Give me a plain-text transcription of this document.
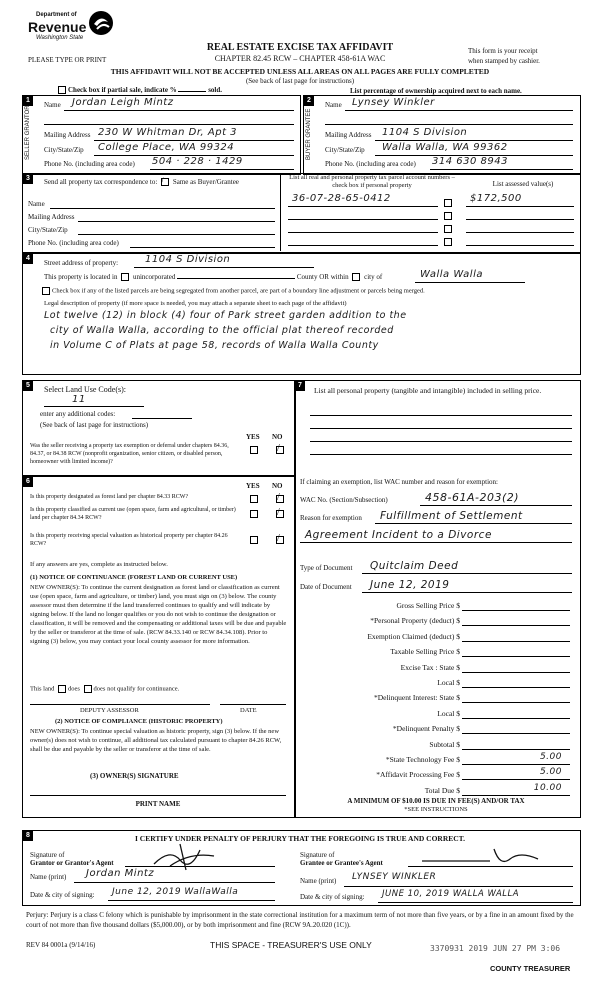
Department of
Revenue
Washington State
REAL ESTATE EXCISE TAX AFFIDAVIT
CHAPTER 82.45 RCW – CHAPTER 458-61A WAC
PLEASE TYPE OR PRINT
This form is your receipt
when stamped by cashier.
THIS AFFIDAVIT WILL NOT BE ACCEPTED UNLESS ALL AREAS ON ALL PAGES ARE FULLY COMPLETED
(See back of last page for instructions)
Check box if partial sale, indicate %	sold.	List percentage of ownership acquired next to each name.
1
SELLER GRANTOR
Name Jordan Leigh Mintz
Mailing Address 230 W Whitman Dr, Apt 3
City/State/Zip College Place, WA 99324
Phone No. (including area code) 504 · 228 · 1429
2
BUYER GRANTEE
Name Lynsey Winkler
Mailing Address 1104 S Division
City/State/Zip Walla Walla, WA 99362
Phone No. (including area code) 314 630 8943
3	Send all property tax correspondence to: / Same as Buyer/Grantee
Name
Mailing Address
City/State/Zip
Phone No. (including area code)
List all real and personal property tax parcel account numbers – check box if personal property	List assessed value(s)
36-07-28-65-0412	$172,500
4
Street address of property:	1104 S Division
This property is located in unincorporated	County OR within city of	Walla Walla
Check box if any of the listed parcels are being segregated from another parcel, are part of a boundary line adjustment or parcels being merged.
Legal description of property (if more space is needed, you may attach a separate sheet to each page of the affidavit)
Lot twelve (12) in block (4) four of Park street garden addition to the
city of Walla Walla, according to the official plat thereof recorded
in Volume C of Plats at page 58, records of Walla Walla County
5	Select Land Use Code(s):
11
enter any additional codes:
(See back of last page for instructions)
YES NO
Was the seller receiving a property tax exemption or deferral under chapters 84.36, 84.37, or 84.38 RCW (nonprofit organization, senior citizen, or disabled person, homeowner with limited income)?
/
6
YES NO
Is this property designated as forest land per chapter 84.33 RCW?	/
Is this property classified as current use (open space, farm and agricultural, or timber) land per chapter 84.34 RCW?	/
Is this property receiving special valuation as historical property per chapter 84.26 RCW?	/
If any answers are yes, complete as instructed below.
(1) NOTICE OF CONTINUANCE (FOREST LAND OR CURRENT USE)
NEW OWNER(S): To continue the current designation as forest land or classification as current use (open space, farm and agriculture, or timber) land, you must sign on (3) below. The county assessor must then determine if the land transferred continues to qualify and will indicate by signing below. If the land no longer qualifies or you do not wish to continue the designation or classification, it will be removed and the compensating or additional taxes will be due and payable by the seller or transferor at the time of sale. (RCW 84.33.140 or RCW 84.34.108). Prior to signing (3) below, you may contact your local county assessor for more information.
This land does does not qualify for continuance.
DEPUTY ASSESSOR	DATE
(2) NOTICE OF COMPLIANCE (HISTORIC PROPERTY)
NEW OWNER(S): To continue special valuation as historic property, sign (3) below. If the new owner(s) does not wish to continue, all additional tax calculated pursuant to chapter 84.26 RCW, shall be due and payable by the seller or transferor at the time of sale.
(3) OWNER(S) SIGNATURE
PRINT NAME
7
List all personal property (tangible and intangible) included in selling price.
If claiming an exemption, list WAC number and reason for exemption:
WAC No. (Section/Subsection)	458-61A-203(2)
Reason for exemption Fulfillment of Settlement
Agreement Incident to a Divorce
Type of Document Quitclaim Deed
Date of Document June 12, 2019
Gross Selling Price $
*Personal Property (deduct) $
Exemption Claimed (deduct) $
Taxable Selling Price $
Excise Tax : State $
Local $
*Delinquent Interest: State $
Local $
*Delinquent Penalty $
Subtotal $
*State Technology Fee $	5.00
*Affidavit Processing Fee $	5.00
Total Due $	10.00
A MINIMUM OF $10.00 IS DUE IN FEE(S) AND/OR TAX
*SEE INSTRUCTIONS
8	I CERTIFY UNDER PENALTY OF PERJURY THAT THE FOREGOING IS TRUE AND CORRECT.
Signature of
Grantor or Grantor's Agent
Name (print) Jordan Mintz
Date & city of signing: June 12, 2019 WallaWalla
Signature of
Grantee or Grantee's Agent
Name (print) LYNSEY WINKLER
Date & city of signing: JUNE 10, 2019 WALLA WALLA
Perjury: Perjury is a class C felony which is punishable by imprisonment in the state correctional institution for a maximum term of not more than five years, or by a fine in an amount fixed by the court of not more than five thousand dollars ($5,000.00), or by both imprisonment and fine (RCW 9A.20.020 (1C)).
REV 84 0001a (9/14/16)	THIS SPACE - TREASURER'S USE ONLY	3370931 2019 JUN 27 PM 3:06
COUNTY TREASURER
